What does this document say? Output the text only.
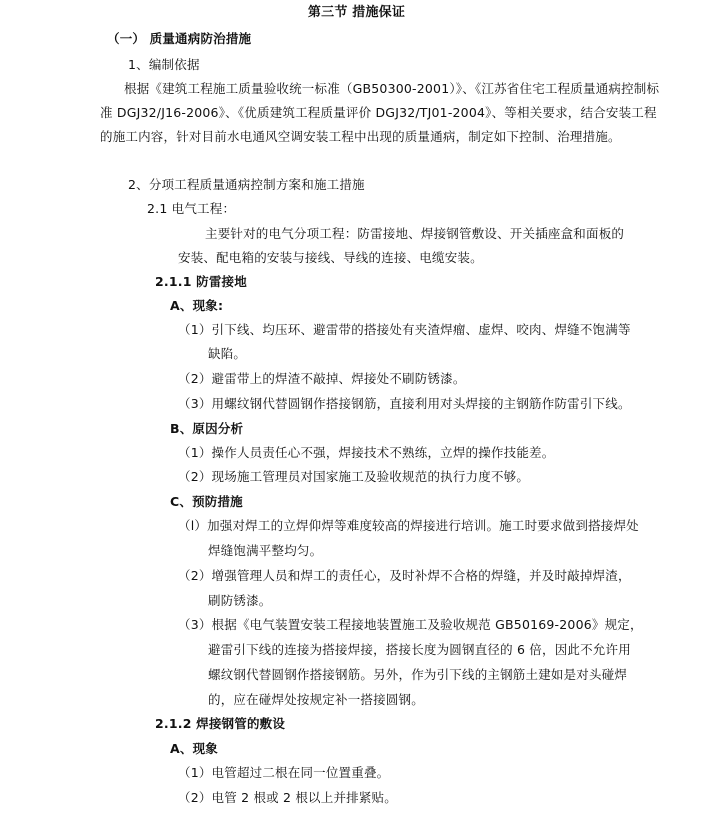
第三节 措施保证
（一） 质量通病防治措施
1、编制依据
根据《建筑工程施工质量验收统一标准（GB50300-2001）》、《江苏省住宅工程质量通病控制标
准 DGJ32/J16-2006》、《优质建筑工程质量评价 DGJ32/TJ01-2004》、等相关要求，结合安装工程
的施工内容，针对目前水电通风空调安装工程中出现的质量通病，制定如下控制、治理措施。
2、分项工程质量通病控制方案和施工措施
2.1 电气工程：
主要针对的电气分项工程：防雷接地、焊接钢管敷设、开关插座盒和面板的
安装、配电箱的安装与接线、导线的连接、电缆安装。
2.1.1 防雷接地
A、现象:
（1）引下线、均压环、避雷带的搭接处有夹渣焊瘤、虚焊、咬肉、焊缝不饱满等
缺陷。
（2）避雷带上的焊渣不敲掉、焊接处不刷防锈漆。
（3）用螺纹钢代替圆钢作搭接钢筋，直接利用对头焊接的主钢筋作防雷引下线。
B、原因分析
（1）操作人员责任心不强，焊接技术不熟练，立焊的操作技能差。
（2）现场施工管理员对国家施工及验收规范的执行力度不够。
C、预防措施
（l）加强对焊工的立焊仰焊等难度较高的焊接进行培训。施工时要求做到搭接焊处
焊缝饱满平整均匀。
（2）增强管理人员和焊工的责任心，及时补焊不合格的焊缝，并及时敲掉焊渣，
刷防锈漆。
（3）根据《电气装置安装工程接地装置施工及验收规范 GB50169-2006》规定，
避雷引下线的连接为搭接焊接，搭接长度为圆钢直径的 6 倍，因此不允许用
螺纹钢代替圆钢作搭接钢筋。另外，作为引下线的主钢筋土建如是对头碰焊
的，应在碰焊处按规定补一搭接圆钢。
2.1.2 焊接钢管的敷设
A、现象
（1）电管超过二根在同一位置重叠。
（2）电管 2 根或 2 根以上并排紧贴。
